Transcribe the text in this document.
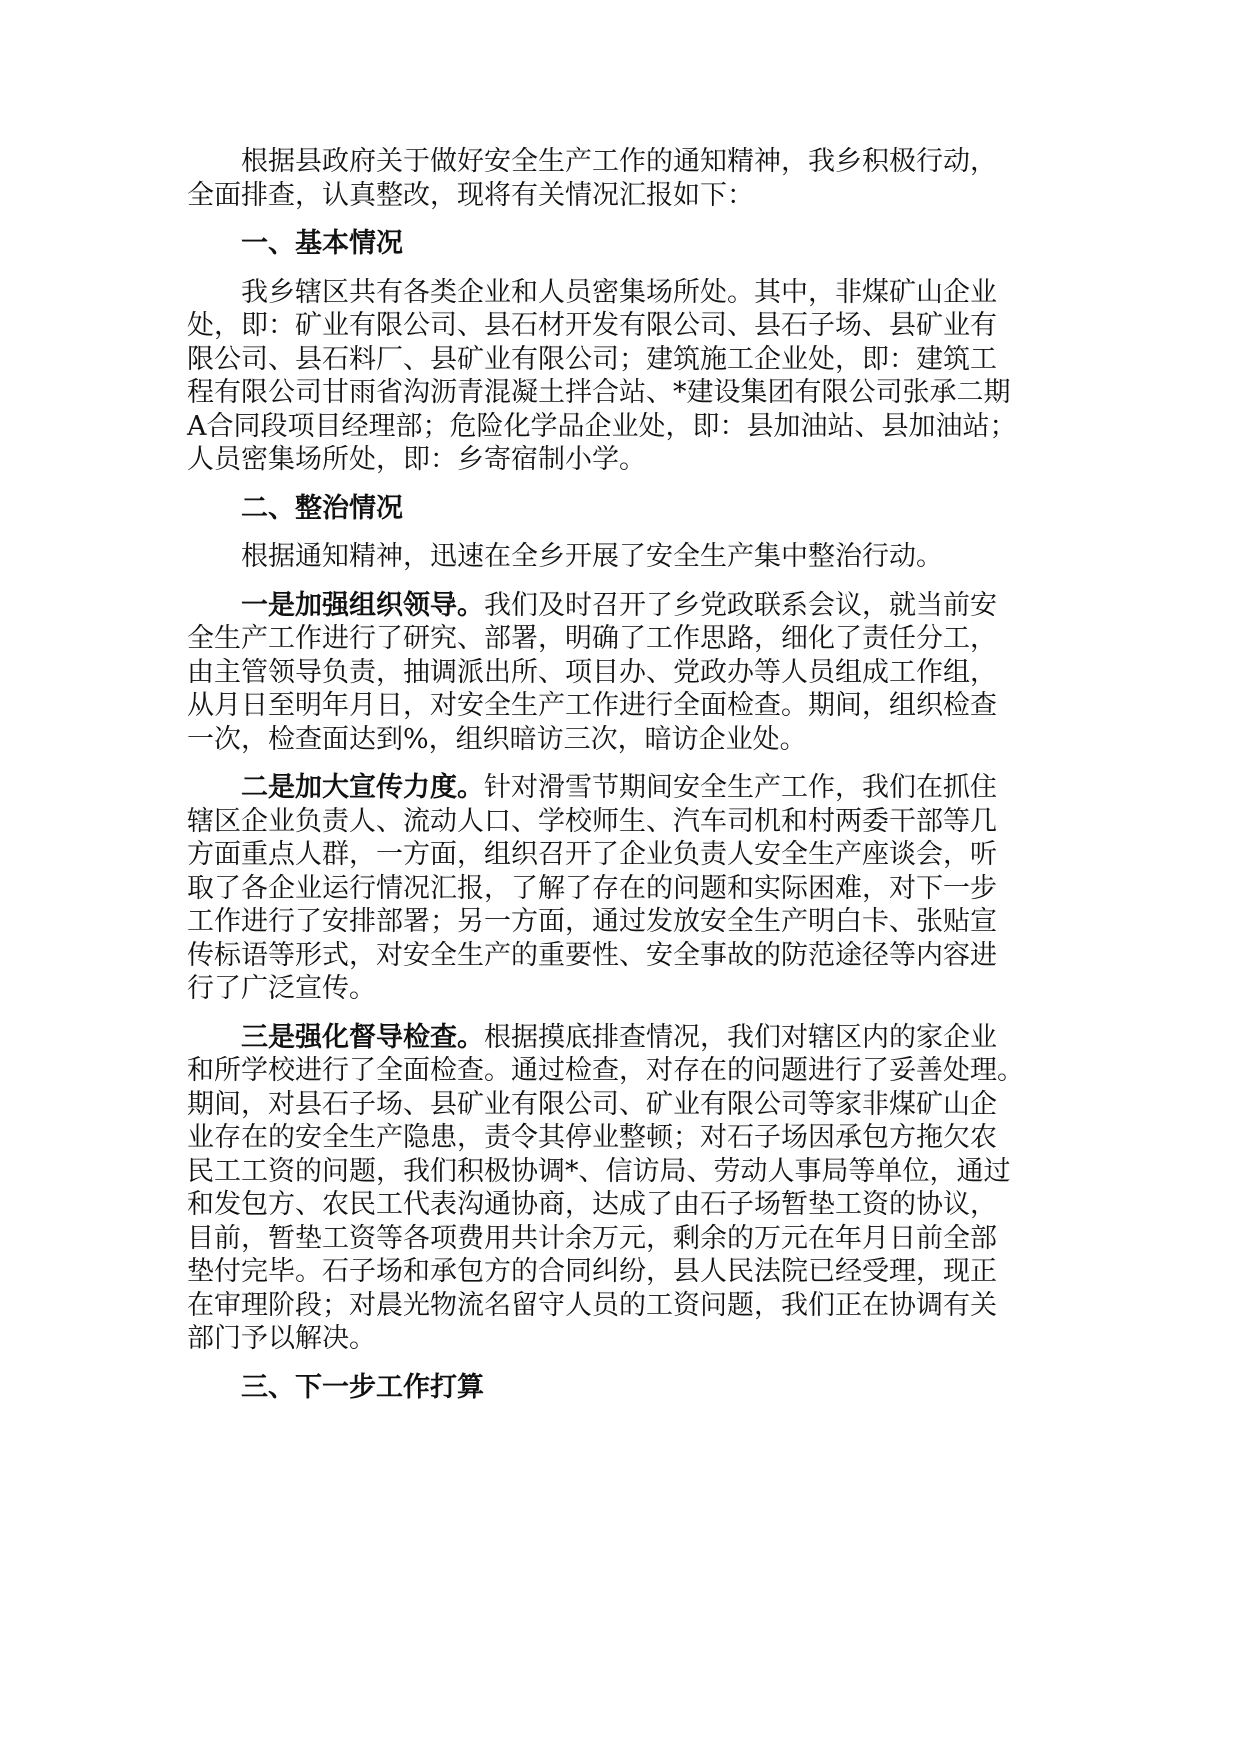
根据县政府关于做好安全生产工作的通知精神，我乡积极行动，
全面排查，认真整改，现将有关情况汇报如下：
一、基本情况
我乡辖区共有各类企业和人员密集场所处。其中，非煤矿山企业
处，即：矿业有限公司、县石材开发有限公司、县石子场、县矿业有
限公司、县石料厂、县矿业有限公司；建筑施工企业处，即：建筑工
程有限公司甘雨省沟沥青混凝土拌合站、*建设集团有限公司张承二期
A合同段项目经理部；危险化学品企业处，即：县加油站、县加油站；
人员密集场所处，即：乡寄宿制小学。
二、整治情况
根据通知精神，迅速在全乡开展了安全生产集中整治行动。
一是加强组织领导。我们及时召开了乡党政联系会议，就当前安
全生产工作进行了研究、部署，明确了工作思路，细化了责任分工，
由主管领导负责，抽调派出所、项目办、党政办等人员组成工作组，
从月日至明年月日，对安全生产工作进行全面检查。期间，组织检查
一次，检查面达到%，组织暗访三次，暗访企业处。
二是加大宣传力度。针对滑雪节期间安全生产工作，我们在抓住
辖区企业负责人、流动人口、学校师生、汽车司机和村两委干部等几
方面重点人群，一方面，组织召开了企业负责人安全生产座谈会，听
取了各企业运行情况汇报，了解了存在的问题和实际困难，对下一步
工作进行了安排部署；另一方面，通过发放安全生产明白卡、张贴宣
传标语等形式，对安全生产的重要性、安全事故的防范途径等内容进
行了广泛宣传。
三是强化督导检查。根据摸底排查情况，我们对辖区内的家企业
和所学校进行了全面检查。通过检查，对存在的问题进行了妥善处理。
期间，对县石子场、县矿业有限公司、矿业有限公司等家非煤矿山企
业存在的安全生产隐患，责令其停业整顿；对石子场因承包方拖欠农
民工工资的问题，我们积极协调*、信访局、劳动人事局等单位，通过
和发包方、农民工代表沟通协商，达成了由石子场暂垫工资的协议，
目前，暂垫工资等各项费用共计余万元，剩余的万元在年月日前全部
垫付完毕。石子场和承包方的合同纠纷，县人民法院已经受理，现正
在审理阶段；对晨光物流名留守人员的工资问题，我们正在协调有关
部门予以解决。
三、下一步工作打算
